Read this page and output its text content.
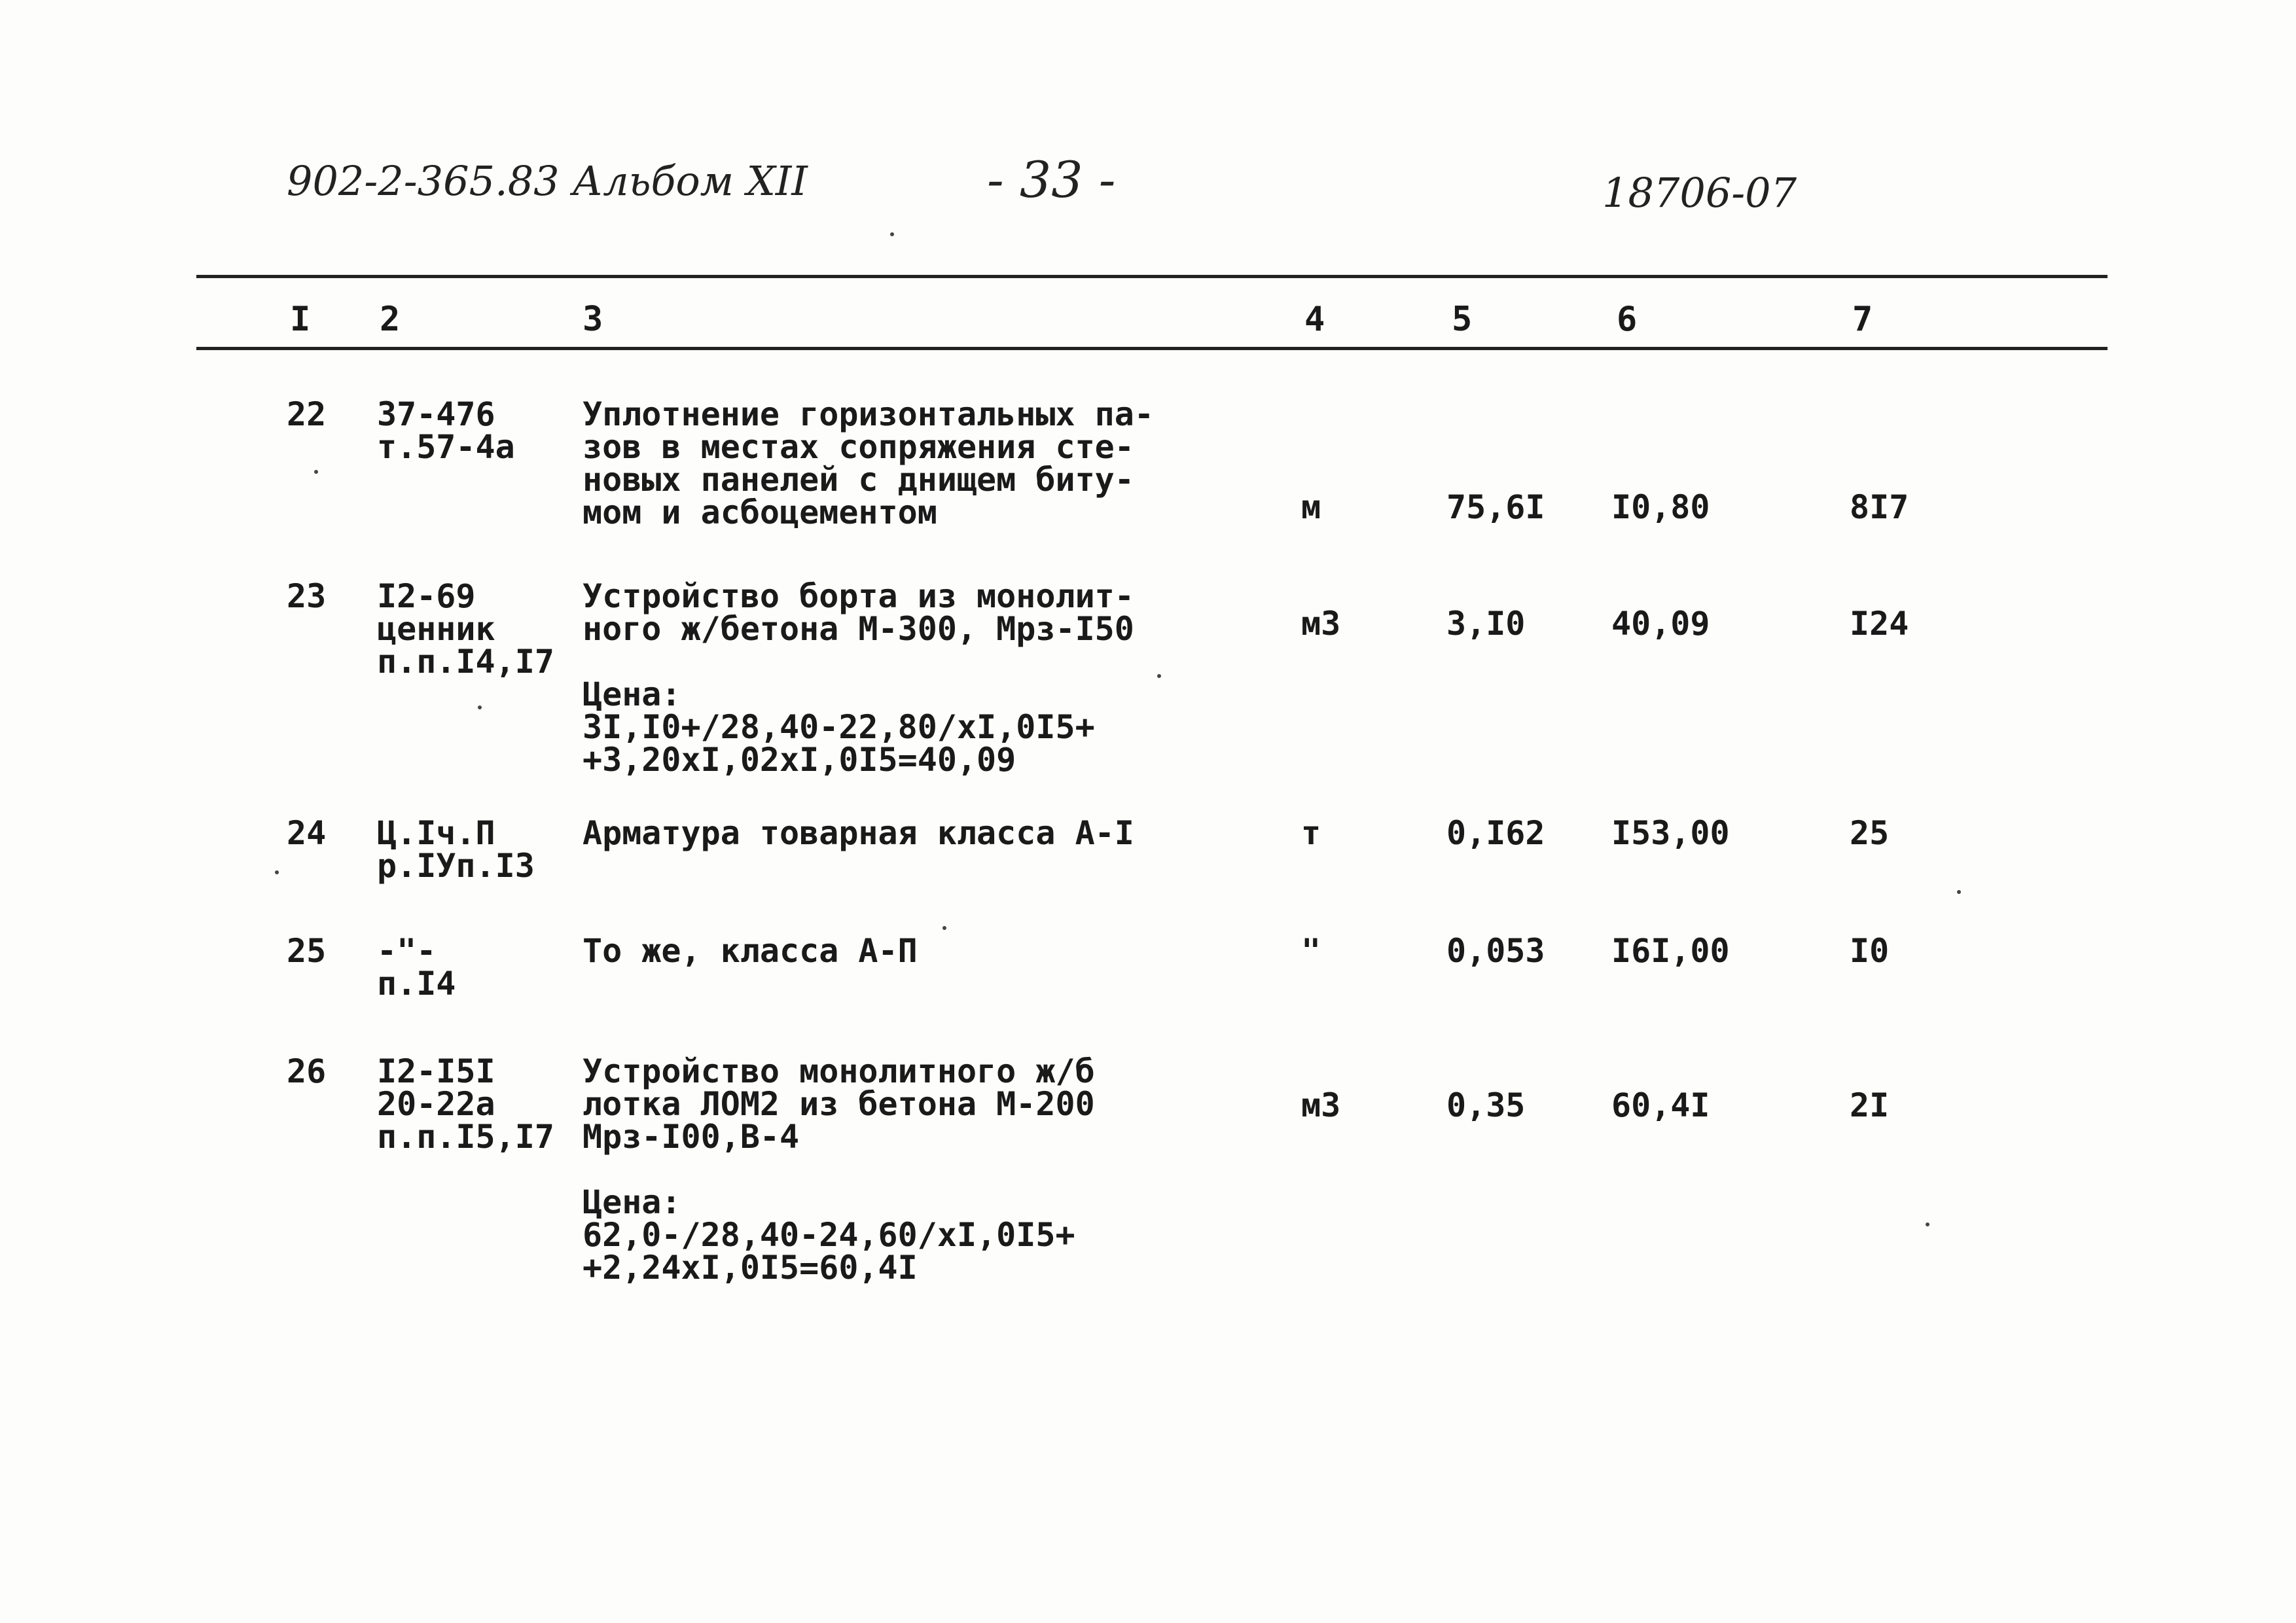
902-2-365.83 Альбом XII	- 33 -	18706-07
I 2	3	4	5	6	7
22 37-476
т.57-4а
Уплотнение горизонтальных па-
зов в местах сопряжения сте-
новых панелей с днищем биту-
мом и асбоцементом	м	75,6I I0,80	8I7
23 I2-69
ценник
п.п.I4,I7
Устройство борта из монолит-
ного ж/бетона М-300, Мрз-I50

Цена:
3I,I0+/28,40-22,80/хI,0I5+
+3,20хI,02хI,0I5=40,09
м3	3,I0	40,09	I24
24 Ц.Iч.П
р.IУп.I3
Арматура товарная класса А-I	т	0,I62 I53,00	25
25 -"-
п.I4
То же, класса А-П	"	0,053 I6I,00	I0
26 I2-I5I
20-22а
п.п.I5,I7
Устройство монолитного ж/б
лотка ЛОМ2 из бетона М-200
Мрз-I00,В-4

Цена:
62,0-/28,40-24,60/хI,0I5+
+2,24хI,0I5=60,4I
м3	0,35	60,4I	2I
